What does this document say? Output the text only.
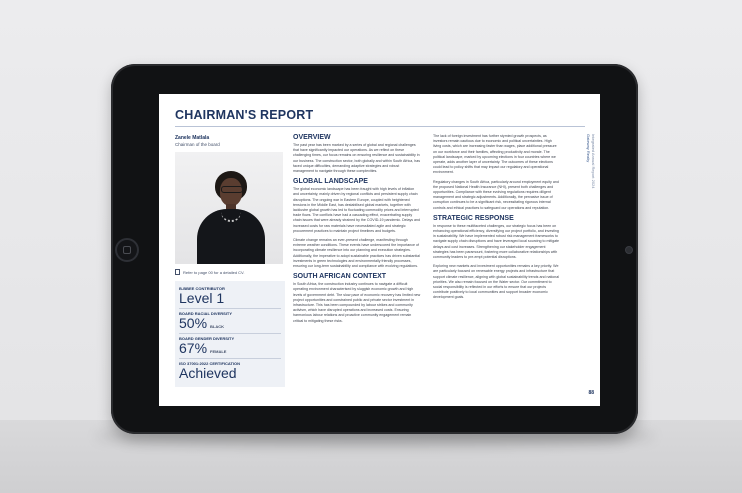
CHAIRMAN'S REPORT
Gateway Realty Integrated Annual Report 2024
88
Zanele Matlala
Chairman of the board
Refer to page 00 for a detailed CV.
B-BBEE CONTRIBUTOR
Level 1
BOARD RACIAL DIVERSITY
50% BLACK
BOARD GENDER DIVERSITY
67% FEMALE
ISO 37001:2022 CERTIFICATION
Achieved
OVERVIEW

The past year has been marked by a series of global and regional challenges that have significantly impacted our operations. As we reflect on these challenging times, our focus remains on ensuring resilience and sustainability in our business. The construction sector, both globally and within South Africa, has faced unique difficulties, demanding adaptive strategies and robust management to navigate through these complexities.

GLOBAL LANDSCAPE

The global economic landscape has been fraught with high levels of inflation and uncertainty, mainly driven by regional conflicts and persistent supply chain disruptions. The ongoing war in Eastern Europe, coupled with heightened tensions in the Middle East, has destabilised global markets, together with lacklustre global growth has led to fluctuating commodity prices and interrupted trade flows. The conflicts have had a cascading effect, exacerbating supply chain issues that were already strained by the COVID-19 pandemic. Delays and increased costs for raw materials have necessitated agile and strategic procurement practices to maintain project timelines and budgets.

Climate change remains an ever-present challenge, manifesting through extreme weather conditions. These events have underscored the importance of incorporating climate resilience into our planning and execution strategies. Additionally, the imperative to adopt sustainable practices has driven substantial investments in green technologies and environmentally friendly processes, ensuring our long-term sustainability and compliance with evolving regulations.

SOUTH AFRICAN CONTEXT

In South Africa, the construction industry continues to navigate a difficult operating environment characterised by sluggish economic growth and high levels of government debt. The slow pace of economic recovery has limited new project opportunities and constrained public and private sector investment in infrastructure. This has been compounded by labour strikes and community activism, which have disrupted operations and increased costs. Ensuring harmonious labour relations and proactive community engagement remain critical to mitigating these risks.

The lack of foreign investment has further stymied growth prospects, as investors remain cautious due to economic and political uncertainties. High living costs, which are increasing faster than wages, place additional pressure on our workforce and their families, affecting productivity and morale. The political landscape, marked by upcoming elections in four countries where we operate, adds another layer of uncertainty. The outcomes of these elections could lead to policy shifts that may impact our regulatory and operational environment.

Regulatory changes in South Africa, particularly around employment equity and the proposed National Health Insurance (NHI), present both challenges and opportunities. Compliance with these evolving regulations requires diligent management and strategic adjustments. Additionally, the pervasive issue of corruption continues to be a significant risk, necessitating rigorous internal controls and ethical practices to safeguard our operations and reputation.

STRATEGIC RESPONSE

In response to these multifaceted challenges, our strategic focus has been on enhancing operational efficiency, diversifying our project portfolio, and investing in sustainability. We have implemented robust risk management frameworks to navigate supply chain disruptions and have leveraged local sourcing to mitigate delays and cost increases. Strengthening our stakeholder engagement strategies has been paramount, fostering more collaborative relationships with community leaders to pre-empt potential disruptions.

Exploring new markets and investment opportunities remains a key priority. We are particularly focused on renewable energy projects and infrastructure that support climate resilience, aligning with global sustainability trends and national priorities. We also remain focused on the Water sector. Our commitment to social responsibility is reflected in our efforts to ensure that our projects contribute positively to local communities and support broader economic development goals.
